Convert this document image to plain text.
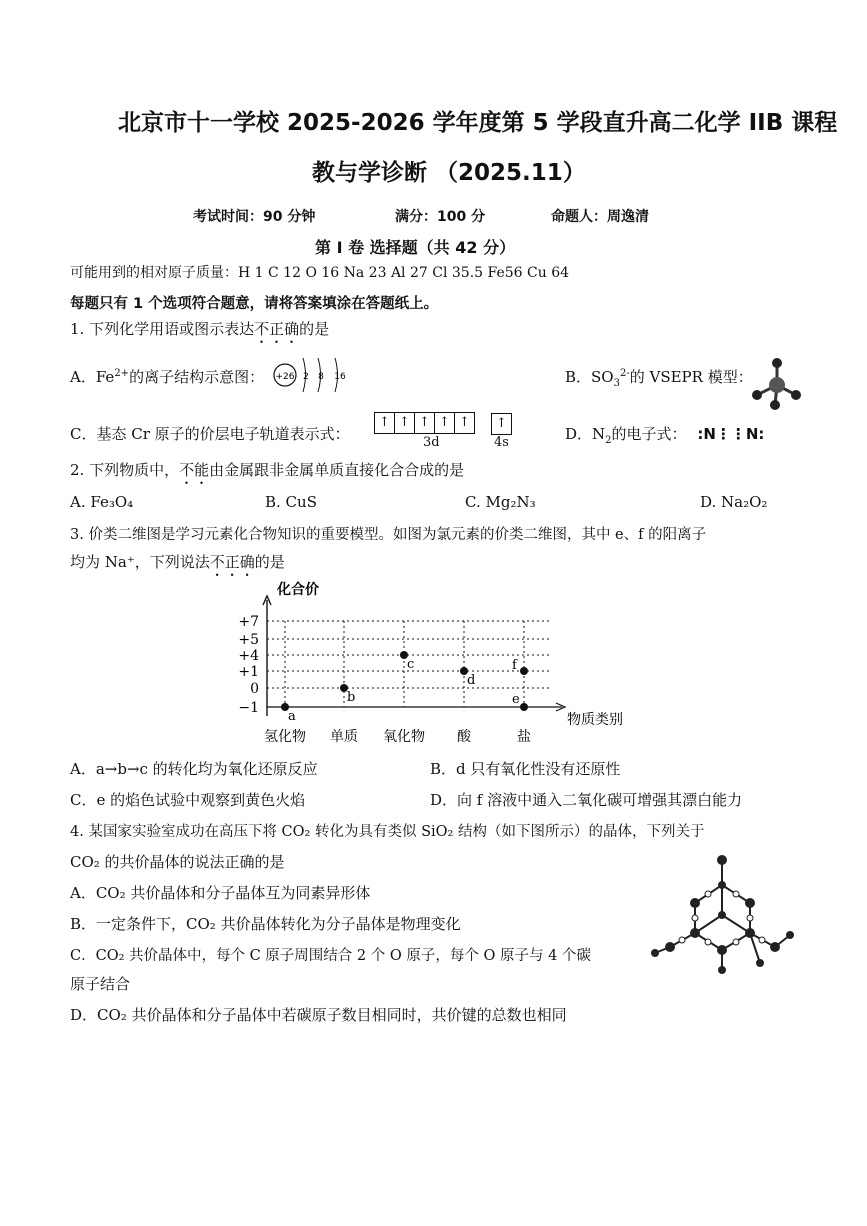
北京市十一学校 2025-2026 学年度第 5 学段直升高二化学 IIB 课程
教与学诊断 （2025.11）
考试时间：90 分钟	满分：100 分	命题人：周逸清
第 I 卷 选择题（共 42 分）
可能用到的相对原子质量：H 1 C 12 O 16 Na 23 Al 27 Cl 35.5 Fe56 Cu 64
每题只有 1 个选项符合题意，请将答案填涂在答题纸上。
1. 下列化学用语或图示表达不正确的是
A．$Fe^{2+}$的离子结构示意图： +26 2 8 16	B．$SO_3^{2-}$的 VSEPR 模型：
C．基态 Cr 原子的价层电子轨道表示式：
↑ ↑ ↑ ↑ ↑	↑
3d	4s	D．$N_2$的电子式： :N⋮⋮N:
2. 下列物质中，不能由金属跟非金属单质直接化合合成的是
A. Fe₃O₄	B. CuS	C. Mg₂N₃	D. Na₂O₂
3. 价类二维图是学习元素化合物知识的重要模型。如图为氯元素的价类二维图，其中 e、f 的阳离子
均为 Na⁺，下列说法不正确的是
+7
+5
+4
+1
0
−1
氢化物 单质 氧化物 酸	盐
a
b
c
d
e
f
化合价
物质类别
A．a→b→c 的转化均为氧化还原反应	B．d 只有氧化性没有还原性
C．e 的焰色试验中观察到黄色火焰	D．向 f 溶液中通入二氧化碳可增强其漂白能力
4. 某国家实验室成功在高压下将 CO₂ 转化为具有类似 SiO₂ 结构（如下图所示）的晶体，下列关于
CO₂ 的共价晶体的说法正确的是
A．CO₂ 共价晶体和分子晶体互为同素异形体
B．一定条件下，CO₂ 共价晶体转化为分子晶体是物理变化
C．CO₂ 共价晶体中，每个 C 原子周围结合 2 个 O 原子，每个 O 原子与 4 个碳
原子结合
D．CO₂ 共价晶体和分子晶体中若碳原子数目相同时，共价键的总数也相同
